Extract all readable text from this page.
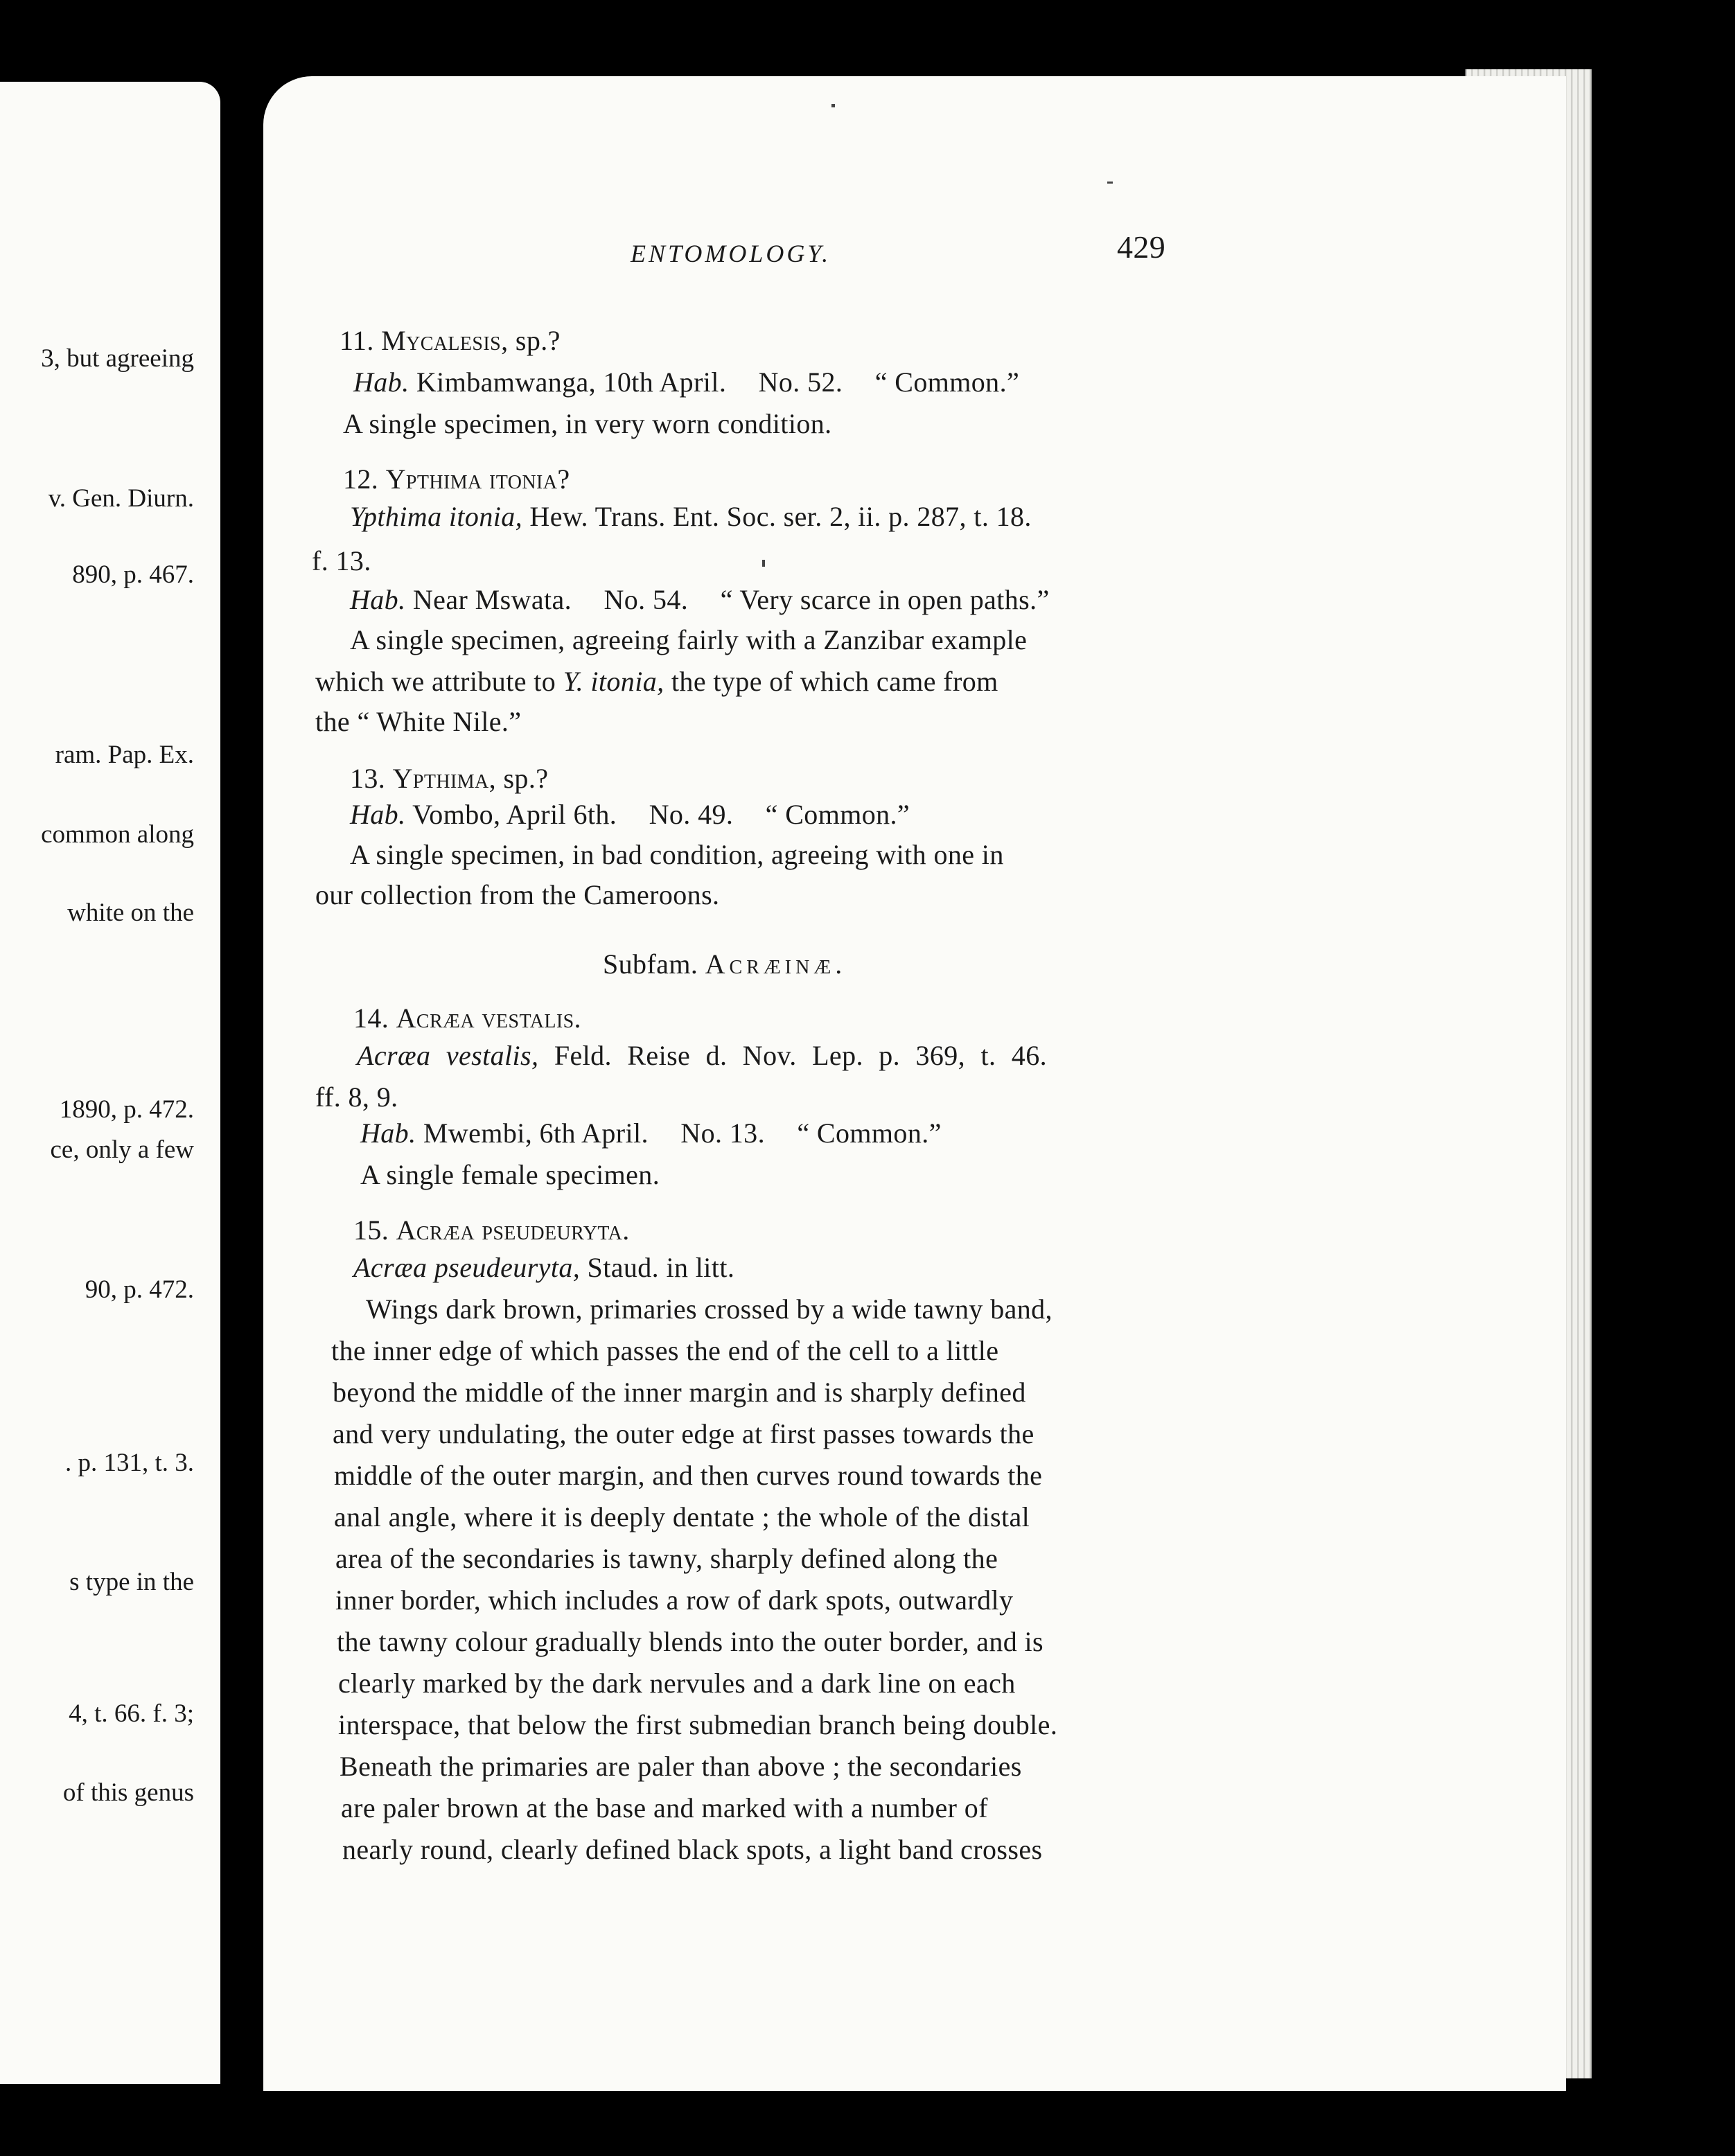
3, but agreeing
v. Gen. Diurn.
890, p. 467.
ram. Pap. Ex.
common along
white on the
1890, p. 472.
ce, only a few
90, p. 472.
. p. 131, t. 3.
s type in the
4, t. 66. f. 3;
of this genus
ENTOMOLOGY.	429
11. Mycalesis, sp.?
Hab. Kimbamwanga, 10th April. No. 52. “ Common.”
A single specimen, in very worn condition.
12. Ypthima itonia?
Ypthima itonia, Hew. Trans. Ent. Soc. ser. 2, ii. p. 287, t. 18.
f. 13.
Hab. Near Mswata. No. 54. “ Very scarce in open paths.”
A single specimen, agreeing fairly with a Zanzibar example
which we attribute to Y. itonia, the type of which came from
the “ White Nile.”
13. Ypthima, sp.?
Hab. Vombo, April 6th. No. 49. “ Common.”
A single specimen, in bad condition, agreeing with one in
our collection from the Cameroons.
Subfam. Acræinæ.
14. Acræa vestalis.
Acræa vestalis, Feld. Reise d. Nov. Lep. p. 369, t. 46.
ff. 8, 9.
Hab. Mwembi, 6th April. No. 13. “ Common.”
A single female specimen.
15. Acræa pseudeuryta.
Acræa pseudeuryta, Staud. in litt.
Wings dark brown, primaries crossed by a wide tawny band,
the inner edge of which passes the end of the cell to a little
beyond the middle of the inner margin and is sharply defined
and very undulating, the outer edge at first passes towards the
middle of the outer margin, and then curves round towards the
anal angle, where it is deeply dentate ; the whole of the distal
area of the secondaries is tawny, sharply defined along the
inner border, which includes a row of dark spots, outwardly
the tawny colour gradually blends into the outer border, and is
clearly marked by the dark nervules and a dark line on each
interspace, that below the first submedian branch being double.
Beneath the primaries are paler than above ; the secondaries
are paler brown at the base and marked with a number of
nearly round, clearly defined black spots, a light band crosses
